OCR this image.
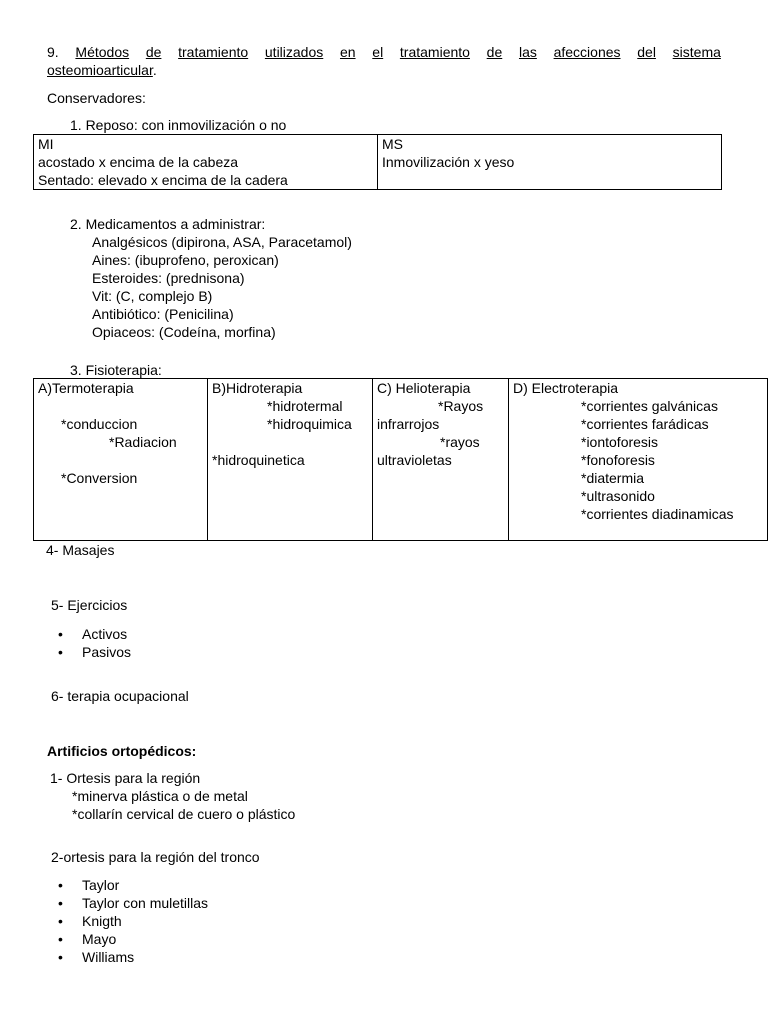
9. Métodos de tratamiento utilizados en el tratamiento de las afecciones del sistema
osteomioarticular.
Conservadores:
1. Reposo: con inmovilización o no
MI
acostado x encima de la cabeza
Sentado: elevado x encima de la cadera

MS
Inmovilización x yeso
2. Medicamentos a administrar:
Analgésicos (dipirona, ASA, Paracetamol)
Aines: (ibuprofeno, peroxican)
Esteroides: (prednisona)
Vit: (C, complejo B)
Antibiótico: (Penicilina)
Opiaceos: (Codeína, morfina)
3. Fisioterapia:
A)Termoterapia

*conduccion
*Radiacion

*Conversion

B)Hidroterapia
*hidrotermal
*hidroquimica

*hidroquinetica

C) Helioterapia
*Rayos
infrarrojos
*rayos
ultravioletas

D) Electroterapia
*corrientes galvánicas
*corrientes farádicas
*iontoforesis
*fonoforesis
*diatermia
*ultrasonido
*corrientes diadinamicas
4- Masajes
5- Ejercicios
• Activos
• Pasivos
6- terapia ocupacional
Artificios ortopédicos:
1- Ortesis para la región
*minerva plástica o de metal
*collarín cervical de cuero o plástico
2-ortesis para la región del tronco
• Taylor
• Taylor con muletillas
• Knigth
• Mayo
• Williams
